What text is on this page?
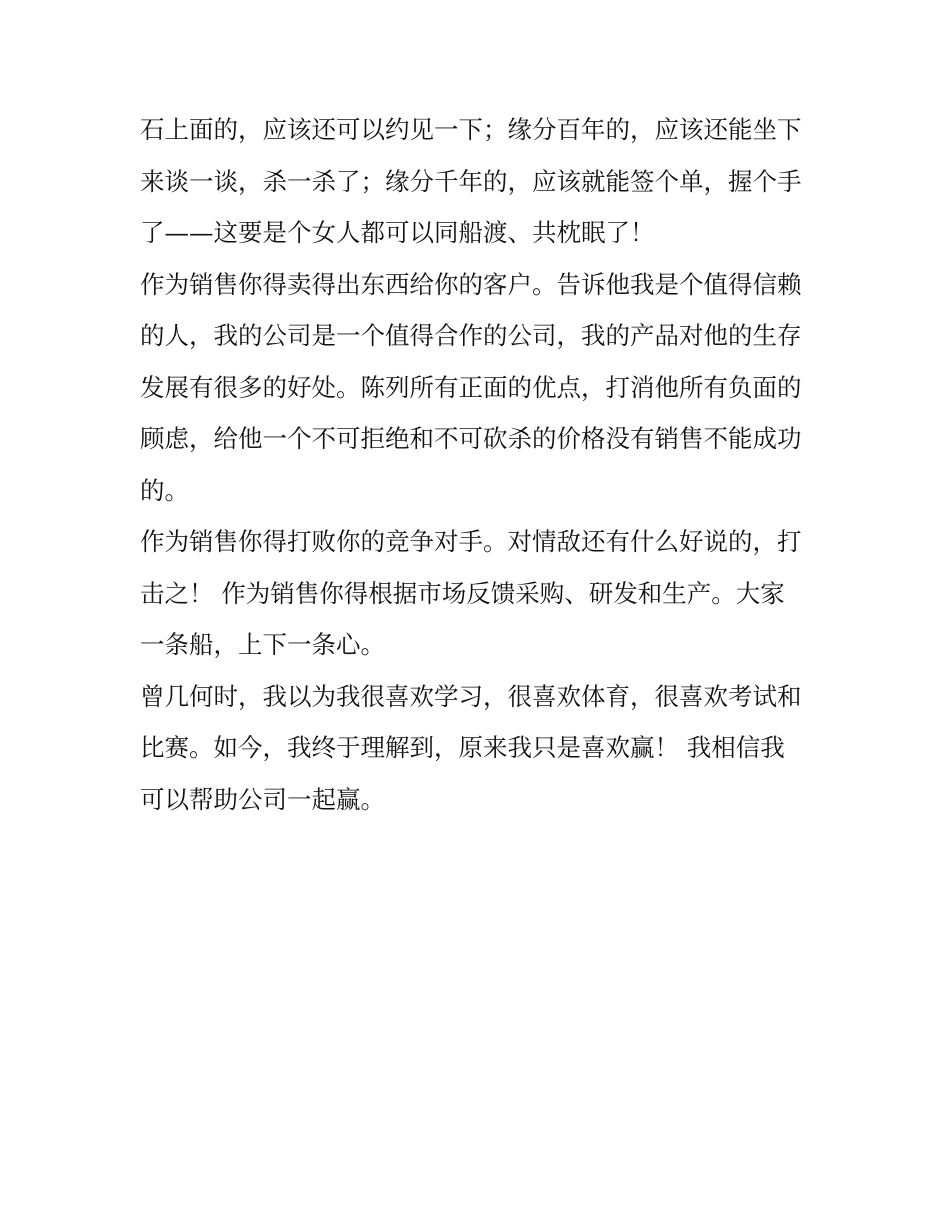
石上面的，应该还可以约见一下；缘分百年的，应该还能坐下
来谈一谈，杀一杀了；缘分千年的，应该就能签个单，握个手
了——这要是个女人都可以同船渡、共枕眠了！
作为销售你得卖得出东西给你的客户。告诉他我是个值得信赖
的人，我的公司是一个值得合作的公司，我的产品对他的生存
发展有很多的好处。陈列所有正面的优点，打消他所有负面的
顾虑，给他一个不可拒绝和不可砍杀的价格没有销售不能成功
的。
作为销售你得打败你的竞争对手。对情敌还有什么好说的，打
击之！ 作为销售你得根据市场反馈采购、研发和生产。大家
一条船，上下一条心。
曾几何时，我以为我很喜欢学习，很喜欢体育，很喜欢考试和
比赛。如今，我终于理解到，原来我只是喜欢赢！ 我相信我
可以帮助公司一起赢。
